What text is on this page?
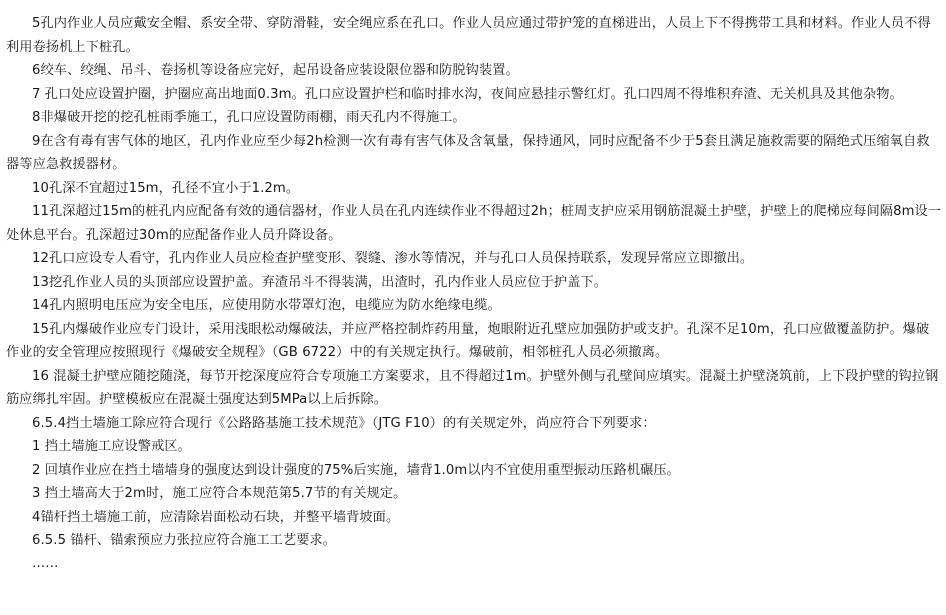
5孔内作业人员应戴安全帽、系安全带、穿防滑鞋，安全绳应系在孔口。作业人员应通过带护笼的直梯进出，人员上下不得携带工具和材料。作业人员不得利用卷扬机上下桩孔。

6绞车、绞绳、吊斗、卷扬机等设备应完好，起吊设备应装设限位器和防脱钩装置。

7 孔口处应设置护圈，护圈应高出地面0.3m。孔口应设置护栏和临时排水沟，夜间应悬挂示警红灯。孔口四周不得堆积弃渣、无关机具及其他杂物。

8非爆破开挖的挖孔桩雨季施工，孔口应设置防雨棚，雨天孔内不得施工。

9在含有毒有害气体的地区，孔内作业应至少每2h检测一次有毒有害气体及含氧量，保持通风，同时应配备不少于5套且满足施救需要的隔绝式压缩氧自救器等应急救援器材。

10孔深不宜超过15m，孔径不宜小于1.2m。

11孔深超过15m的桩孔内应配备有效的通信器材，作业人员在孔内连续作业不得超过2h；桩周支护应采用钢筋混凝土护壁，护壁上的爬梯应每间隔8m设一处休息平台。孔深超过30m的应配备作业人员升降设备。

12孔口应设专人看守，孔内作业人员应检查护壁变形、裂缝、渗水等情况，并与孔口人员保持联系，发现异常应立即撤出。

13挖孔作业人员的头顶部应设置护盖。弃渣吊斗不得装满，出渣时，孔内作业人员应位于护盖下。

14孔内照明电压应为安全电压，应使用防水带罩灯泡，电缆应为防水绝缘电缆。

15孔内爆破作业应专门设计，采用浅眼松动爆破法，并应严格控制炸药用量，炮眼附近孔壁应加强防护或支护。孔深不足10m，孔口应做覆盖防护。爆破作业的安全管理应按照现行《爆破安全规程》（GB 6722）中的有关规定执行。爆破前，相邻桩孔人员必须撤离。

16 混凝土护壁应随挖随浇，每节开挖深度应符合专项施工方案要求，且不得超过1m。护壁外侧与孔壁间应填实。混凝土护壁浇筑前，上下段护壁的钩拉钢筋应绑扎牢固。护壁模板应在混凝土强度达到5MPa以上后拆除。

6.5.4挡土墙施工除应符合现行《公路路基施工技术规范》（JTG F10）的有关规定外，尚应符合下列要求：

1 挡土墙施工应设警戒区。

2 回填作业应在挡土墙墙身的强度达到设计强度的75%后实施，墙背1.0m以内不宜使用重型振动压路机碾压。

3 挡土墙高大于2m时，施工应符合本规范第5.7节的有关规定。

4锚杆挡土墙施工前，应清除岩面松动石块，并整平墙背坡面。

6.5.5 锚杆、锚索预应力张拉应符合施工工艺要求。

……
